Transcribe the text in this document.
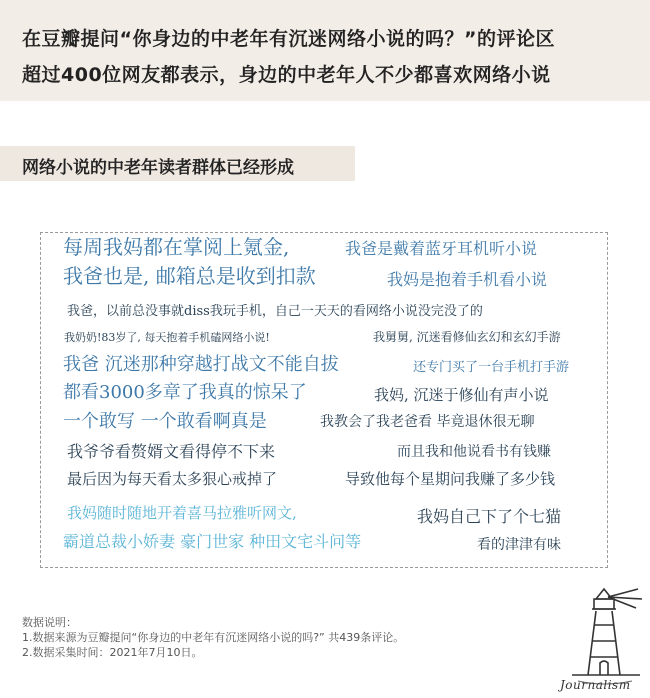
在豆瓣提问“你身边的中老年有沉迷网络小说的吗？”的评论区
超过400位网友都表示，身边的中老年人不少都喜欢网络小说
网络小说的中老年读者群体已经形成
每周我妈都在掌阅上氪金,	我爸是戴着蓝牙耳机听小说
我爸也是, 邮箱总是收到扣款	我妈是抱着手机看小说
我爸，以前总没事就diss我玩手机，自己一天天的看网络小说没完没了的
我奶奶!83岁了, 每天抱着手机磕网络小说!	我舅舅, 沉迷看修仙玄幻和玄幻手游
我爸 沉迷那种穿越打战文不能自拔	还专门买了一台手机打手游
都看3000多章了我真的惊呆了	我妈, 沉迷于修仙有声小说
一个敢写 一个敢看啊真是	我教会了我老爸看 毕竟退休很无聊
我爷爷看赘婿文看得停不下来	而且我和他说看书有钱赚
最后因为每天看太多狠心戒掉了	导致他每个星期问我赚了多少钱
我妈随时随地开着喜马拉雅听网文,	我妈自己下了个七猫
霸道总裁小娇妻 豪门世家 种田文宅斗问等	看的津津有味
数据说明：
1.数据来源为豆瓣提问“你身边的中老年有沉迷网络小说的吗?” 共439条评论。
2.数据采集时间：2021年7月10日。
Journalism
